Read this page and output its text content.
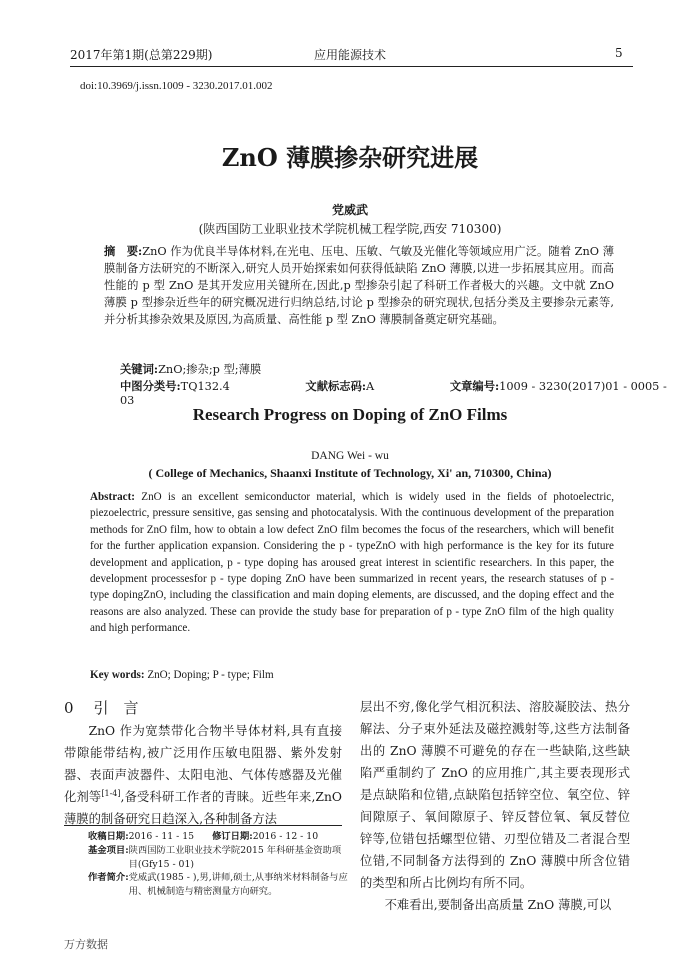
2017年第1期(总第229期)	应用能源技术	5
doi:10.3969/j.issn.1009 - 3230.2017.01.002
ZnO 薄膜掺杂研究进展
党威武
(陕西国防工业职业技术学院机械工程学院,西安 710300)
摘　要:ZnO 作为优良半导体材料,在光电、压电、压敏、气敏及光催化等领域应用广泛。随着 ZnO 薄膜制备方法研究的不断深入,研究人员开始探索如何获得低缺陷 ZnO 薄膜,以进一步拓展其应用。而高性能的 p 型 ZnO 是其开发应用关键所在,因此,p 型掺杂引起了科研工作者极大的兴趣。文中就 ZnO 薄膜 p 型掺杂近些年的研究概况进行归纳总结,讨论 p 型掺杂的研究现状,包括分类及主要掺杂元素等,并分析其掺杂效果及原因,为高质量、高性能 p 型 ZnO 薄膜制备奠定研究基础。
关键词:ZnO;掺杂;p 型;薄膜
中图分类号:TQ132.4	文献标志码:A	文章编号:1009 - 3230(2017)01 - 0005 - 03
Research Progress on Doping of ZnO Films
DANG Wei - wu
( College of Mechanics, Shaanxi Institute of Technology, Xi' an, 710300, China)
Abstract: ZnO is an excellent semiconductor material, which is widely used in the fields of photoelectric, piezoelectric, pressure sensitive, gas sensing and photocatalysis. With the continuous development of the preparation methods for ZnO film, how to obtain a low defect ZnO film becomes the focus of the researchers, which will benefit for the further application expansion. Considering the p - typeZnO with high performance is the key for its future development and application, p - type doping has aroused great interest in scientific researchers. In this paper, the development processesfor p - type doping ZnO have been summarized in recent years, the research statuses of p - type dopingZnO, including the classification and main doping elements, are discussed, and the doping effect and the reasons are also analyzed. These can provide the study base for preparation of p - type ZnO film of the high quality and high performance.
Key words: ZnO; Doping; P - type; Film
0 引　言
ZnO 作为宽禁带化合物半导体材料,具有直接带隙能带结构,被广泛用作压敏电阻器、紫外发射器、表面声波器件、太阳电池、气体传感器及光催化剂等[1-4],备受科研工作者的青睐。近些年来,ZnO 薄膜的制备研究日趋深入,各种制备方法
收稿日期: 2016 - 11 - 15 修订日期: 2016 - 12 - 10
基金项目: 陕西国防工业职业技术学院2015 年科研基金资助项目(Gfy15 - 01)
作者简介: 党威武(1985 - ),男,讲师,硕士,从事纳米材料制备与应用、机械制造与精密测量方向研究。
层出不穷,像化学气相沉积法、溶胶凝胶法、热分解法、分子束外延法及磁控溅射等,这些方法制备出的 ZnO 薄膜不可避免的存在一些缺陷,这些缺陷严重制约了 ZnO 的应用推广,其主要表现形式是点缺陷和位错,点缺陷包括锌空位、氧空位、锌间隙原子、氧间隙原子、锌反替位氧、氧反替位锌等,位错包括螺型位错、刃型位错及二者混合型位错,不同制备方法得到的 ZnO 薄膜中所含位错的类型和所占比例均有所不同。
不难看出,要制备出高质量 ZnO 薄膜,可以
万方数据
